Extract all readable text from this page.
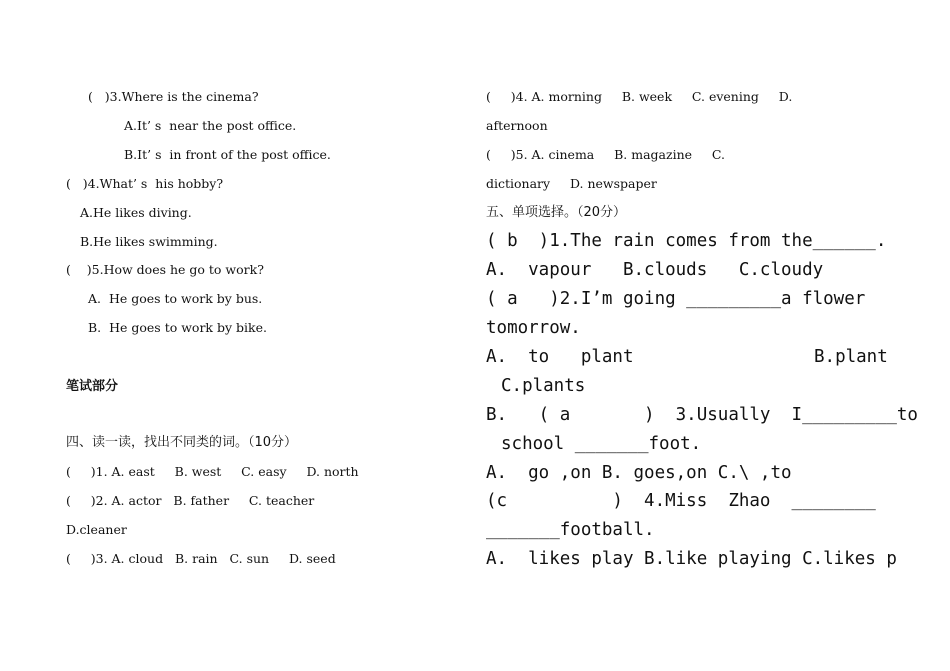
(   )3.Where is the cinema?
A.It’ s  near the post office.
B.It’ s  in front of the post office.
(   )4.What’ s  his hobby?
A.He likes diving.
B.He likes swimming.
(    )5.How does he go to work?
A.  He goes to work by bus.
B.  He goes to work by bike.
笔试部分
四、读一读，找出不同类的词。（10分）
(     )1. A. east     B. west     C. easy     D. north
(     )2. A. actor   B. father     C. teacher
D.cleaner
(     )3. A. cloud   B. rain   C. sun     D. seed
(     )4. A. morning     B. week     C. evening     D.
afternoon
(     )5. A. cinema     B. magazine     C.
dictionary     D. newspaper
五、单项选择。（20分）
( b  )1.The rain comes from the______.
A.  vapour   B.clouds   C.cloudy
( a   )2.I’m going _________a flower
tomorrow.
A.  to   plant	B.plant
C.plants
B.   ( a       )  3.Usually  I_________to
school _______foot.
A.  go ,on B. goes,on C.\ ,to
(c          )  4.Miss  Zhao  ________
_______football.
A.  likes play B.like playing C.likes p
